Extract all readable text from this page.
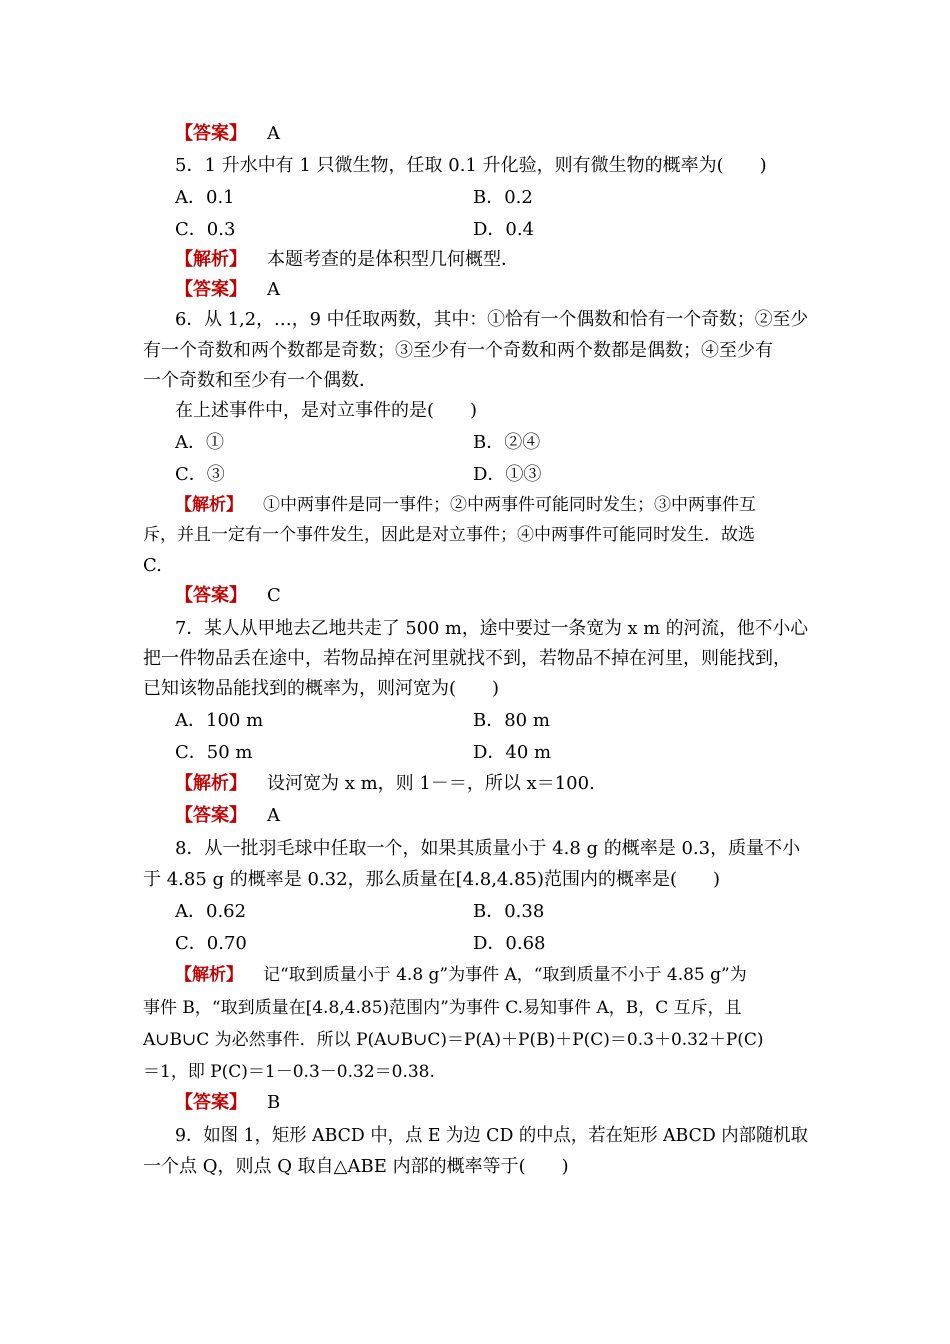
【答案】 A
5．1 升水中有 1 只微生物，任取 0.1 升化验，则有微生物的概率为(　　)
A．0.1	B．0.2
C．0.3	D．0.4
【解析】 本题考查的是体积型几何概型．
【答案】 A
6．从 1,2，…，9 中任取两数，其中：①恰有一个偶数和恰有一个奇数；②至少
有一个奇数和两个数都是奇数；③至少有一个奇数和两个数都是偶数；④至少有
一个奇数和至少有一个偶数．
在上述事件中，是对立事件的是(　　)
A．①	B．②④
C．③	D．①③
【解析】 ①中两事件是同一事件；②中两事件可能同时发生；③中两事件互
斥，并且一定有一个事件发生，因此是对立事件；④中两事件可能同时发生．故选
C.
【答案】 C
7．某人从甲地去乙地共走了 500 m，途中要过一条宽为 x m 的河流，他不小心
把一件物品丢在途中，若物品掉在河里就找不到，若物品不掉在河里，则能找到，
已知该物品能找到的概率为，则河宽为(　　)
A．100 m	B．80 m
C．50 m	D．40 m
【解析】 设河宽为 x m，则 1－＝，所以 x＝100.
【答案】 A
8．从一批羽毛球中任取一个，如果其质量小于 4.8 g 的概率是 0.3，质量不小
于 4.85 g 的概率是 0.32，那么质量在[4.8,4.85)范围内的概率是(　　)
A．0.62	B．0.38
C．0.70	D．0.68
【解析】 记“取到质量小于 4.8 g”为事件 A，“取到质量不小于 4.85 g”为
事件 B，“取到质量在[4.8,4.85)范围内”为事件 C.易知事件 A，B，C 互斥，且
A∪B∪C 为必然事件．所以 P(A∪B∪C)＝P(A)＋P(B)＋P(C)＝0.3＋0.32＋P(C)
＝1，即 P(C)＝1－0.3－0.32＝0.38.
【答案】 B
9．如图 1，矩形 ABCD 中，点 E 为边 CD 的中点，若在矩形 ABCD 内部随机取
一个点 Q，则点 Q 取自△ABE 内部的概率等于(　　)
